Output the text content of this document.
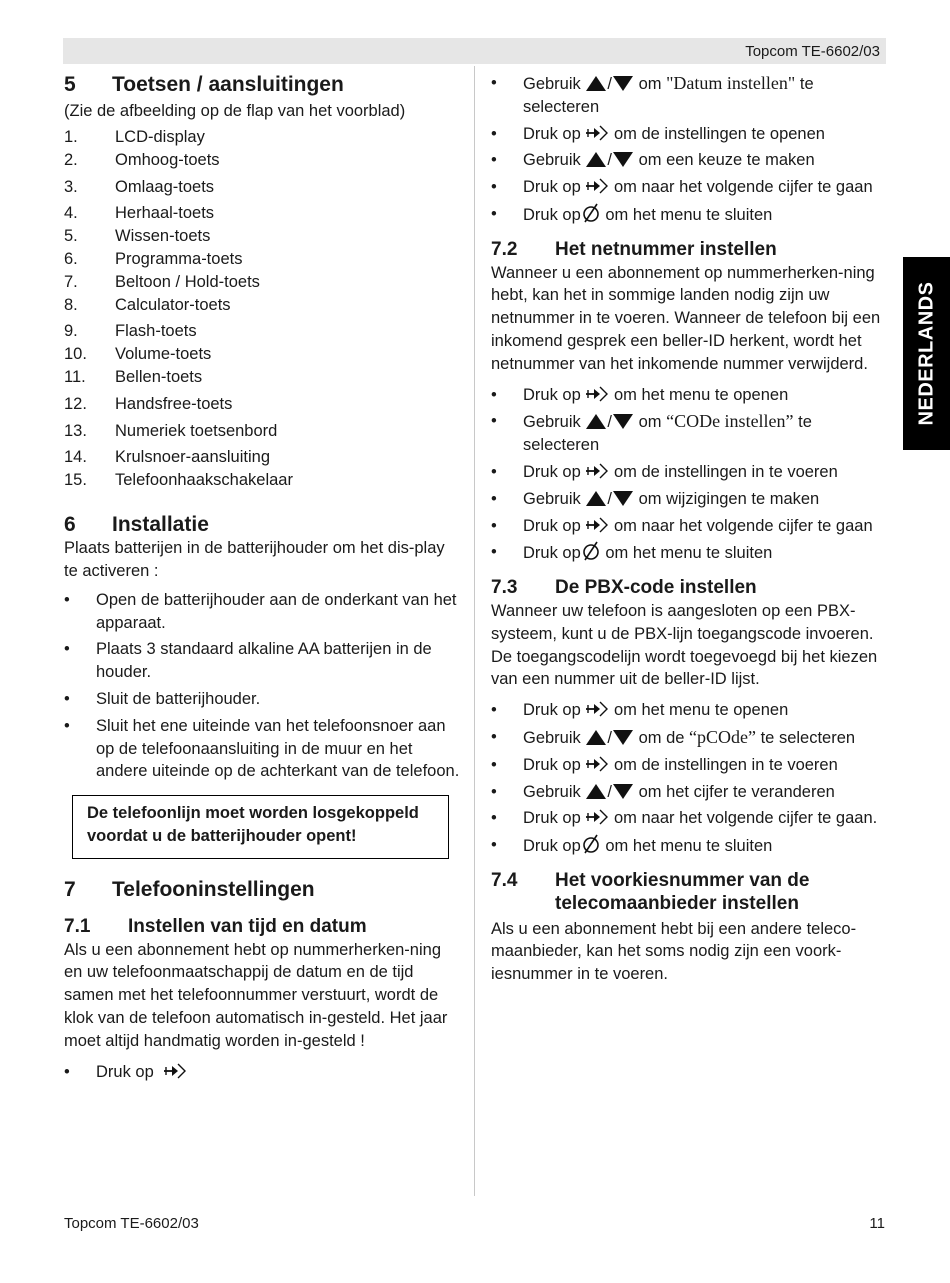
Topcom TE-6602/03
NEDERLANDS
5	Toetsen / aansluitingen

(Zie de afbeelding op de flap van het voorblad)

1.	LCD-display
2.	Omhoog-toets
3.	Omlaag-toets
4.	Herhaal-toets
5.	Wissen-toets
6.	Programma-toets
7.	Beltoon / Hold-toets
8.	Calculator-toets
9.	Flash-toets
10.	Volume-toets
11.	Bellen-toets
12.	Handsfree-toets
13.	Numeriek toetsenbord
14.	Krulsnoer-aansluiting
15.	Telefoonhaakschakelaar
6	Installatie

Plaats batterijen in de batterijhouder om het dis-play te activeren :

•	Open de batterijhouder aan de onderkant van het apparaat.
•	Plaats 3 standaard alkaline AA batterijen in de houder.
•	Sluit de batterijhouder.
•	Sluit het ene uiteinde van het telefoonsnoer aan op de telefoonaansluiting in de muur en het andere uiteinde op de achterkant van de telefoon.
De telefoonlijn moet worden losgekoppeld voordat u de batterijhouder opent!
7	Telefooninstellingen
7.1	Instellen van tijd en datum

Als u een abonnement hebt op nummerherken-ning en uw telefoonmaatschappij de datum en de tijd samen met het telefoonnummer verstuurt, wordt de klok van de telefoon automatisch in-gesteld. Het jaar moet altijd handmatig worden in-gesteld !

•	Druk op
•	Gebruik / om "Datum instellen" te selecteren
•	Druk op om de instellingen te openen
•	Gebruik / om een keuze te maken
•	Druk op om naar het volgende cijfer te gaan
•	Druk op om het menu te sluiten
7.2	Het netnummer instellen

Wanneer u een abonnement op nummerherken-ning hebt, kan het in sommige landen nodig zijn uw netnummer in te voeren. Wanneer de telefoon bij een inkomend gesprek een beller-ID herkent, wordt het netnummer van het inkomende nummer verwijderd.

•	Druk op om het menu te openen
•	Gebruik / om “CODe instellen” te selecteren
•	Druk op om de instellingen in te voeren
•	Gebruik / om wijzigingen te maken
•	Druk op om naar het volgende cijfer te gaan
•	Druk op om het menu te sluiten
7.3	De PBX-code instellen

Wanneer uw telefoon is aangesloten op een PBX-systeem, kunt u de PBX-lijn toegangscode invoeren.

De toegangscodelijn wordt toegevoegd bij het kiezen van een nummer uit de beller-ID lijst.

•	Druk op om het menu te openen
•	Gebruik / om de “pCOde” te selecteren
•	Druk op om de instellingen in te voeren
•	Gebruik / om het cijfer te veranderen
•	Druk op om naar het volgende cijfer te gaan.
•	Druk op om het menu te sluiten
7.4	Het voorkiesnummer van de telecomaanbieder instellen

Als u een abonnement hebt bij een andere teleco-maanbieder, kan het soms nodig zijn een voork-iesnummer in te voeren.

Topcom TE-6602/03	11
